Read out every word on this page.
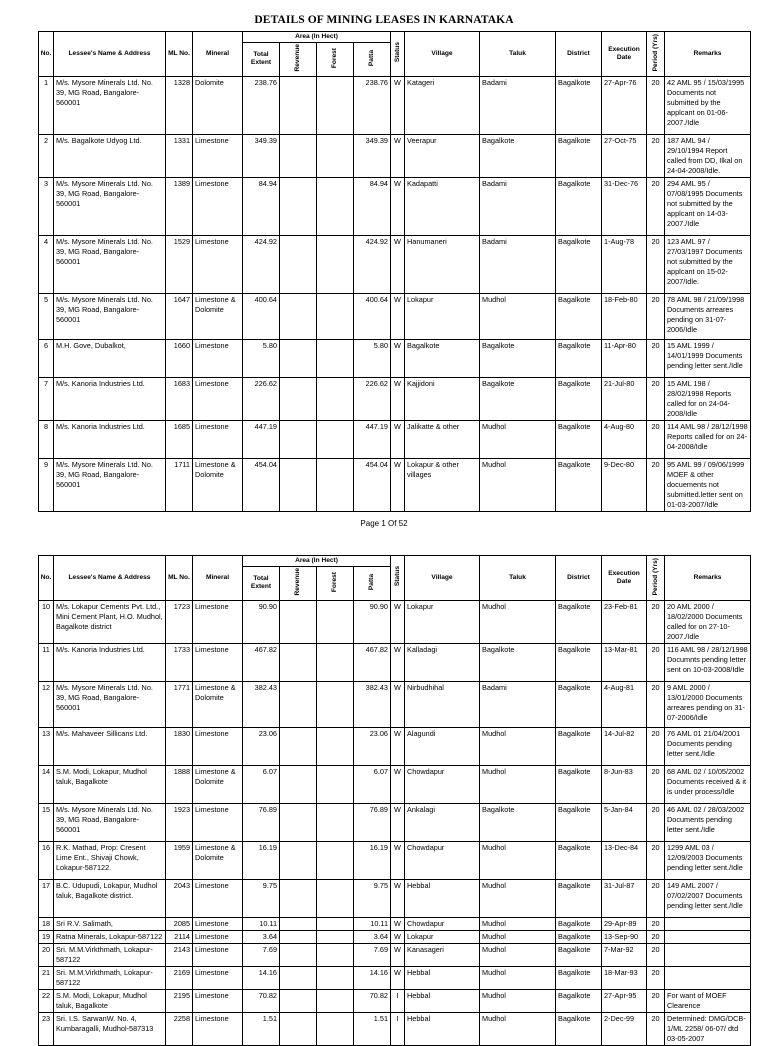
DETAILS OF MINING LEASES IN KARNATAKA
No.	Lessee's Name & Address	ML No.	Mineral	Area (In Hect)				Status	Village	Taluk	District	Execution Date	Period (Yrs)	Remarks
				Total Extent	Revenue	Forest	Patta							
1	M/s. Mysore Minerals Ltd. No. 39, MG Road, Bangalore-560001	1328	Dolomite	238.76			238.76	W	Katageri	Badami	Bagalkote	27-Apr-76	20	42 AML 95 / 15/03/1995 Documents not submitted by the applcant on 01-06-2007./Idle
2	M/s. Bagalkote Udyog Ltd.	1331	Limestone	349.39			349.39	W	Veerapur	Bagalkote	Bagalkote	27-Oct-75	20	187 AML 94 / 29/10/1994 Report called from DD, Ilkal on 24-04-2008/Idle.
3	M/s. Mysore Minerals Ltd. No. 39, MG Road, Bangalore-560001	1389	Limestone	84.94			84.94	W	Kadapatti	Badami	Bagalkote	31-Dec-76	20	294 AML 95 / 07/08/1995 Documents not submitted by the applcant on 14-03-2007./Idle
4	M/s. Mysore Minerals Ltd. No. 39, MG Road, Bangalore-560001	1529	Limestone	424.92			424.92	W	Hanumaneri	Badami	Bagalkote	1-Aug-78	20	123 AML 97 / 27/03/1997 Documents not submitted by the applcant on 15-02-2007/Idle.
5	M/s. Mysore Minerals Ltd. No. 39, MG Road, Bangalore-560001	1647	Limestone & Dolomite	400.64			400.64	W	Lokapur	Mudhol	Bagalkote	18-Feb-80	20	78 AML 98 / 21/09/1998 Documents arreares pending on 31-07-2006/Idle
6	M.H. Gove, Dubalkot,	1660	Limestone	5.80			5.80	W	Bagalkote	Bagalkote	Bagalkote	11-Apr-80	20	15 AML 1999 / 14/01/1999 Documents pending letter sent./Idle
7	M/s. Kanoria Industries Ltd.	1683	Limestone	226.62			226.62	W	Kajjidoni	Bagalkote	Bagalkote	21-Jul-80	20	15 AML 198 / 28/02/1998 Reports called for on 24-04-2008/Idle
8	M/s. Kanoria Industries Ltd.	1685	Limestone	447.19			447.19	W	Jalikatte & other	Mudhol	Bagalkote	4-Aug-80	20	114 AML 98 / 28/12/1998 Reports called for on 24-04-2008/Idle
9	M/s. Mysore Minerals Ltd. No. 39, MG Road, Bangalore-560001	1711	Limestone & Dolomite	454.04			454.04	W	Lokapur & other villages	Mudhol	Bagalkote	9-Dec-80	20	95 AML 99 / 09/06/1999 MOEF & other docuements not submitted.letter sent on 01-03-2007/Idle
Page 1 Of 52
No.	Lessee's Name & Address	ML No.	Mineral	Area (In Hect)				Status	Village	Taluk	District	Execution Date	Period (Yrs)	Remarks
				Total Extent	Revenue	Forest	Patta							
10	M/s. Lokapur Cements Pvt. Ltd., Mini Cement Plant, H.O. Mudhol, Bagalkote district	1723	Limestone	90.90			90.90	W	Lokapur	Mudhol	Bagalkote	23-Feb-81	20	20 AML 2000 / 18/02/2000 Documents called for on 27-10-2007./Idle
11	M/s. Kanoria Industries Ltd.	1733	Limestone	467.82			467.82	W	Kalladagi	Bagalkote	Bagalkote	13-Mar-81	20	116 AML 98 / 28/12/1998 Documnts pending letter sent on 10-03-2008/Idle
12	M/s. Mysore Minerals Ltd. No. 39, MG Road, Bangalore-560001	1771	Limestone & Dolomite	382.43			382.43	W	Nirbudhihal	Badami	Bagalkote	4-Aug-81	20	9 AML 2000 / 13/01/2000 Documents arreares pending on 31-07-2006/Idle
13	M/s. Mahaveer Sillicans Ltd.	1830	Limestone	23.06			23.06	W	Alagundi	Mudhol	Bagalkote	14-Jul-82	20	76 AML 01 21/04/2001 Documents pending letter sent./Idle
14	S.M. Modi, Lokapur, Mudhol taluk, Bagalkote	1888	Limestone & Dolomite	6.07			6.07	W	Chowdapur	Mudhol	Bagalkote	8-Jun-83	20	68 AML 02 / 10/05/2002 Documents received & it is under process/Idle
15	M/s. Mysore Minerals Ltd. No. 39, MG Road, Bangalore-560001	1923	Limestone	76.89			76.89	W	Ankalagi	Bagalkote	Bagalkote	5-Jan-84	20	46 AML 02 / 28/03/2002 Documents pending letter sent./Idle
16	R.K. Mathad, Prop: Cresent Lime Ent., Shivaji Chowk, Lokapur-587122.	1959	Limestone & Dolomite	16.19			16.19	W	Chowdapur	Mudhol	Bagalkote	13-Dec-84	20	1299 AML 03 / 12/09/2003 Documents pending letter sent./Idle
17	B.C. Udupudi, Lokapur, Mudhol taluk, Bagalkote district.	2043	Limestone	9.75			9.75	W	Hebbal	Mudhol	Bagalkote	31-Jul-87	20	149 AML 2007 / 07/02/2007 Documents pending letter sent./Idle
18	Sri R.V. Salimath,	2085	Limestone	10.11			10.11	W	Chowdapur	Mudhol	Bagalkote	29-Apr-89	20	
19	Ratna Minerals, Lokapur-587122	2114	Limestone	3.64			3.64	W	Lokapur	Mudhol	Bagalkote	13-Sep-90	20	
20	Sri. M.M.Virkthmath, Lokapur-587122	2143	Limestone	7.69			7.69	W	Kanasageri	Mudhol	Bagalkote	7-Mar-92	20	
21	Sri. M.M.Virkthmath, Lokapur-587122	2169	Limestone	14.16			14.16	W	Hebbal	Mudhol	Bagalkote	18-Mar-93	20	
22	S.M. Modi, Lokapur, Mudhol taluk, Bagalkote	2195	Limestone	70.82			70.82	I	Hebbal	Mudhol	Bagalkote	27-Apr-95	20	For want of MOEF Clearence
23	Sri. I.S. SarwanW. No. 4, Kumbaragalli, Mudhol-587313	2258	Limestone	1.51			1.51	I	Hebbal	Mudhol	Bagalkote	2-Dec-99	20	Determined: DMG/DCB-1/ML 2258/ 06-07/ dtd 03-05-2007
